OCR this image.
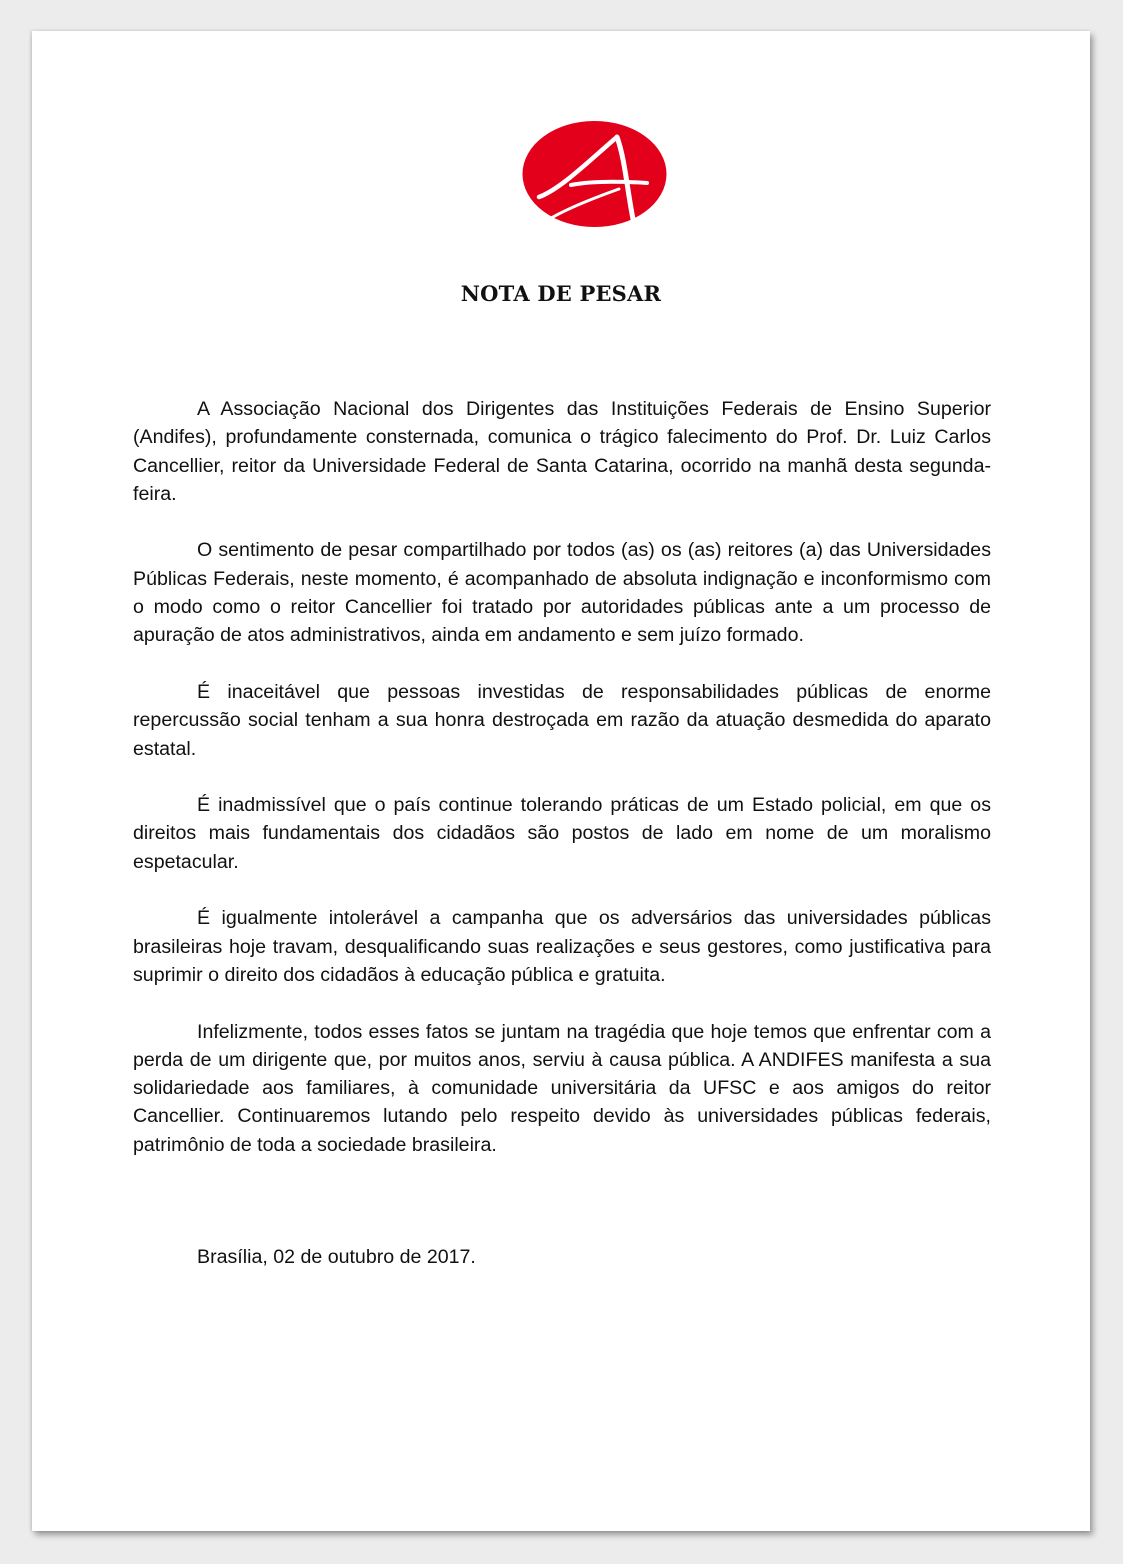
NOTA DE PESAR

A Associação Nacional dos Dirigentes das Instituições Federais de Ensino Superior (Andifes), profundamente consternada, comunica o trágico falecimento do Prof. Dr. Luiz Carlos Cancellier, reitor da Universidade Federal de Santa Catarina, ocorrido na manhã desta segunda-feira.

O sentimento de pesar compartilhado por todos (as) os (as) reitores (a) das Universidades Públicas Federais, neste momento, é acompanhado de absoluta indignação e inconformismo com o modo como o reitor Cancellier foi tratado por autoridades públicas ante a um processo de apuração de atos administrativos, ainda em andamento e sem juízo formado.

É inaceitável que pessoas investidas de responsabilidades públicas de enorme repercussão social tenham a sua honra destroçada em razão da atuação desmedida do aparato estatal.

É inadmissível que o país continue tolerando práticas de um Estado policial, em que os direitos mais fundamentais dos cidadãos são postos de lado em nome de um moralismo espetacular.

É igualmente intolerável a campanha que os adversários das universidades públicas brasileiras hoje travam, desqualificando suas realizações e seus gestores, como justificativa para suprimir o direito dos cidadãos à educação pública e gratuita.

Infelizmente, todos esses fatos se juntam na tragédia que hoje temos que enfrentar com a perda de um dirigente que, por muitos anos, serviu à causa pública. A ANDIFES manifesta a sua solidariedade aos familiares, à comunidade universitária da UFSC e aos amigos do reitor Cancellier. Continuaremos lutando pelo respeito devido às universidades públicas federais, patrimônio de toda a sociedade brasileira.

Brasília, 02 de outubro de 2017.
